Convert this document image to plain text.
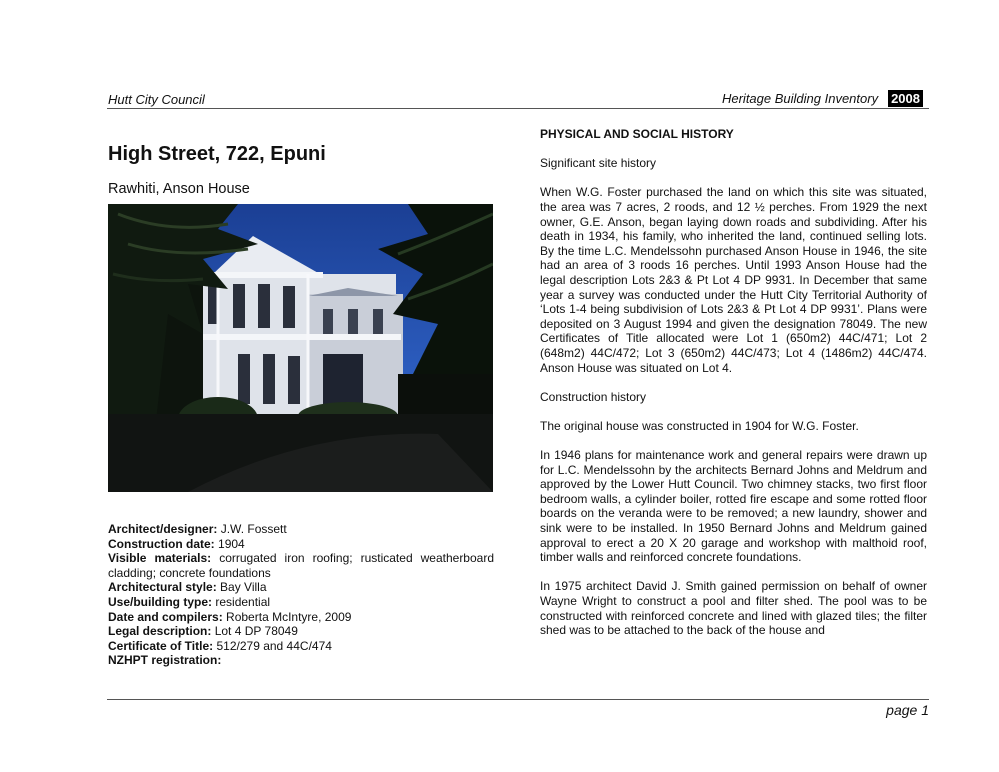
Hutt City Council	Heritage Building Inventory 2008
High Street, 722, Epuni
Rawhiti, Anson House
Architect/designer: J.W. Fossett
Construction date: 1904
Visible materials: corrugated iron roofing; rusticated weatherboard cladding; concrete foundations
Architectural style: Bay Villa
Use/building type: residential
Date and compilers: Roberta McIntyre, 2009
Legal description: Lot 4 DP 78049
Certificate of Title: 512/279 and 44C/474
NZHPT registration:
PHYSICAL AND SOCIAL HISTORY

Significant site history

When W.G. Foster purchased the land on which this site was situated, the area was 7 acres, 2 roods, and 12 ½ perches. From 1929 the next owner, G.E. Anson, began laying down roads and subdividing. After his death in 1934, his family, who inherited the land, continued selling lots. By the time L.C. Mendelssohn purchased Anson House in 1946, the site had an area of 3 roods 16 perches. Until 1993 Anson House had the legal description Lots 2&3 & Pt Lot 4 DP 9931. In December that same year a survey was conducted under the Hutt City Territorial Authority of ‘Lots 1-4 being subdivision of Lots 2&3 & Pt Lot 4 DP 9931’. Plans were deposited on 3 August 1994 and given the designation 78049. The new Certificates of Title allocated were Lot 1 (650m2) 44C/471; Lot 2 (648m2) 44C/472; Lot 3 (650m2) 44C/473; Lot 4 (1486m2) 44C/474. Anson House was situated on Lot 4.

Construction history

The original house was constructed in 1904 for W.G. Foster.

In 1946 plans for maintenance work and general repairs were drawn up for L.C. Mendelssohn by the architects Bernard Johns and Meldrum and approved by the Lower Hutt Council. Two chimney stacks, two first floor bedroom walls, a cylinder boiler, rotted fire escape and some rotted floor boards on the veranda were to be removed; a new laundry, shower and sink were to be installed. In 1950 Bernard Johns and Meldrum gained approval to erect a 20 X 20 garage and workshop with malthoid roof, timber walls and reinforced concrete foundations.

In 1975 architect David J. Smith gained permission on behalf of owner Wayne Wright to construct a pool and filter shed. The pool was to be constructed with reinforced concrete and lined with glazed tiles; the filter shed was to be attached to the back of the house and

page 1
